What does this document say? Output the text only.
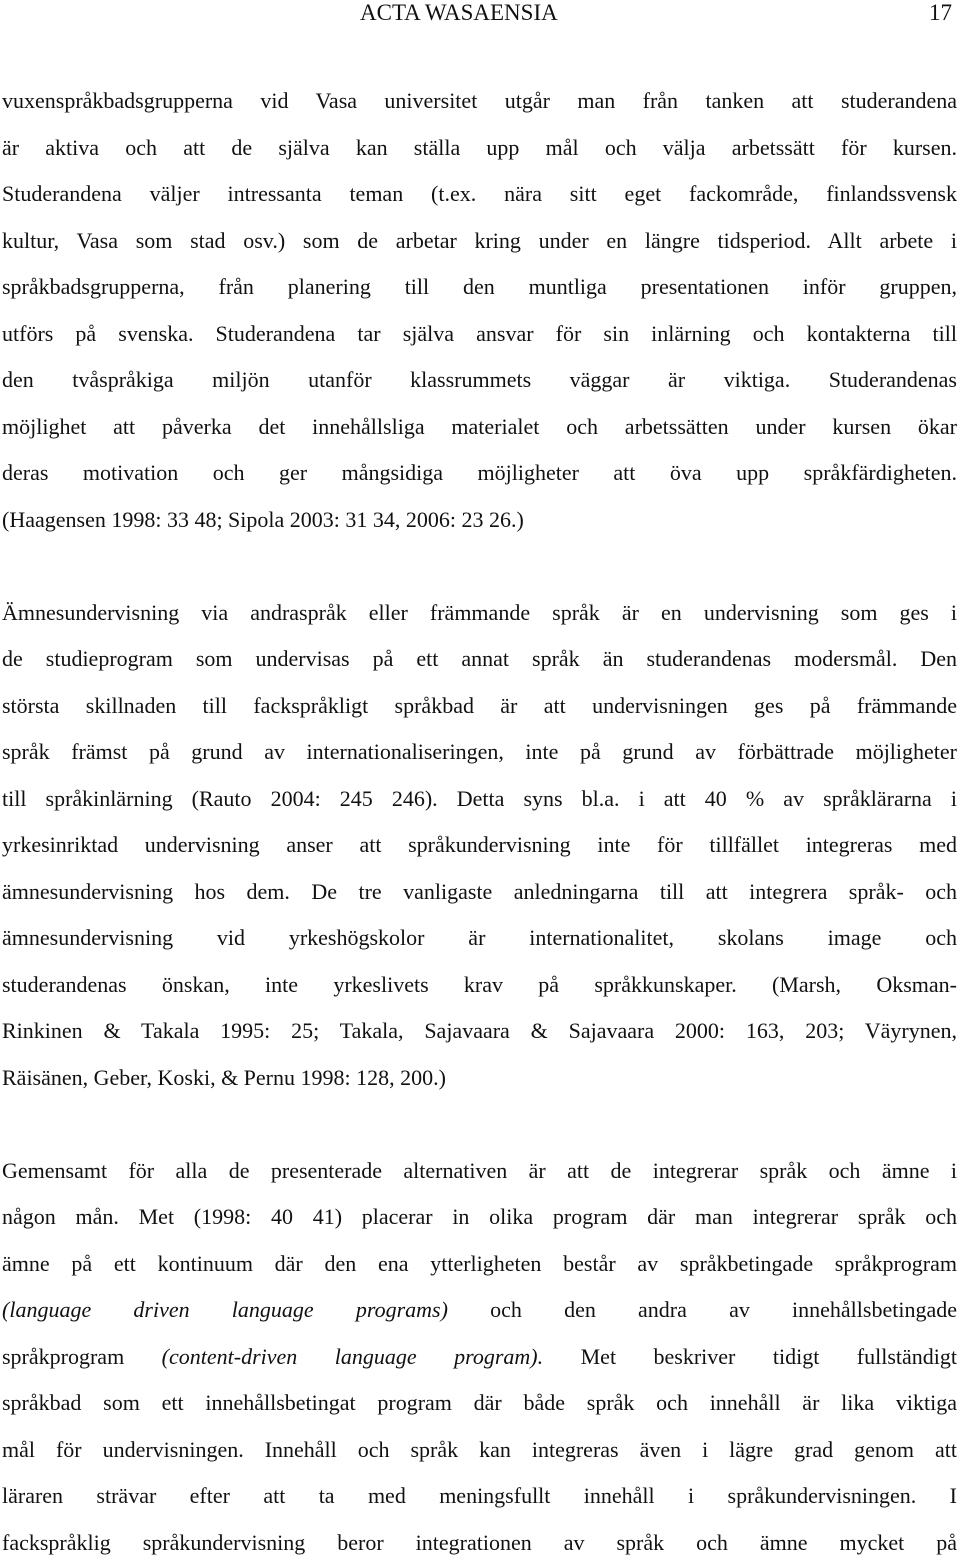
ACTA WASAENSIA	17
vuxenspråkbadsgrupperna vid Vasa universitet utgår man från tanken att studerandena
är aktiva och att de själva kan ställa upp mål och välja arbetssätt för kursen.
Studerandena väljer intressanta teman (t.ex. nära sitt eget fackområde, finlandssvensk
kultur, Vasa som stad osv.) som de arbetar kring under en längre tidsperiod. Allt arbete i
språkbadsgrupperna, från planering till den muntliga presentationen inför gruppen,
utförs på svenska. Studerandena tar själva ansvar för sin inlärning och kontakterna till
den tvåspråkiga miljön utanför klassrummets väggar är viktiga. Studerandenas
möjlighet att påverka det innehållsliga materialet och arbetssätten under kursen ökar
deras motivation och ger mångsidiga möjligheter att öva upp språkfärdigheten.
(Haagensen 1998: 33 48; Sipola 2003: 31 34, 2006: 23 26.)
Ämnesundervisning via andraspråk eller främmande språk är en undervisning som ges i
de studieprogram som undervisas på ett annat språk än studerandenas modersmål. Den
största skillnaden till fackspråkligt språkbad är att undervisningen ges på främmande
språk främst på grund av internationaliseringen, inte på grund av förbättrade möjligheter
till språkinlärning (Rauto 2004: 245 246). Detta syns bl.a. i att 40 % av språklärarna i
yrkesinriktad undervisning anser att språkundervisning inte för tillfället integreras med
ämnesundervisning hos dem. De tre vanligaste anledningarna till att integrera språk- och
ämnesundervisning vid yrkeshögskolor är internationalitet, skolans image och
studerandenas önskan, inte yrkeslivets krav på språkkunskaper. (Marsh, Oksman-
Rinkinen & Takala 1995: 25; Takala, Sajavaara & Sajavaara 2000: 163, 203; Väyrynen,
Räisänen, Geber, Koski, & Pernu 1998: 128, 200.)
Gemensamt för alla de presenterade alternativen är att de integrerar språk och ämne i
någon mån. Met (1998: 40 41) placerar in olika program där man integrerar språk och
ämne på ett kontinuum där den ena ytterligheten består av språkbetingade språkprogram
(language driven language programs) och den andra av innehållsbetingade
språkprogram (content-driven language program). Met beskriver tidigt fullständigt
språkbad som ett innehållsbetingat program där både språk och innehåll är lika viktiga
mål för undervisningen. Innehåll och språk kan integreras även i lägre grad genom att
läraren strävar efter att ta med meningsfullt innehåll i språkundervisningen. I
fackspråklig språkundervisning beror integrationen av språk och ämne mycket på
